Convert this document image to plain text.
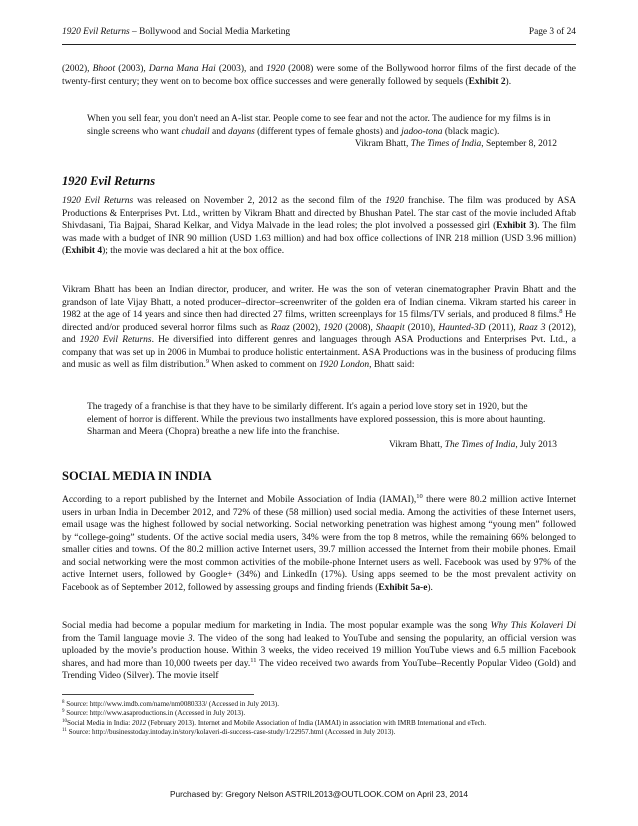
1920 Evil Returns – Bollywood and Social Media Marketing	Page 3 of 24

(2002), Bhoot (2003), Darna Mana Hai (2003), and 1920 (2008) were some of the Bollywood horror films of the first decade of the twenty-first century; they went on to become box office successes and were generally followed by sequels (Exhibit 2).

When you sell fear, you don't need an A-list star. People come to see fear and not the actor. The audience for my films is in single screens who want chudail and dayans (different types of female ghosts) and jadoo-tona (black magic).

Vikram Bhatt, The Times of India, September 8, 2012

1920 Evil Returns

1920 Evil Returns was released on November 2, 2012 as the second film of the 1920 franchise. The film was produced by ASA Productions & Enterprises Pvt. Ltd., written by Vikram Bhatt and directed by Bhushan Patel. The star cast of the movie included Aftab Shivdasani, Tia Bajpai, Sharad Kelkar, and Vidya Malvade in the lead roles; the plot involved a possessed girl (Exhibit 3). The film was made with a budget of INR 90 million (USD 1.63 million) and had box office collections of INR 218 million (USD 3.96 million) (Exhibit 4); the movie was declared a hit at the box office.

Vikram Bhatt has been an Indian director, producer, and writer. He was the son of veteran cinematographer Pravin Bhatt and the grandson of late Vijay Bhatt, a noted producer–director–screenwriter of the golden era of Indian cinema. Vikram started his career in 1982 at the age of 14 years and since then had directed 27 films, written screenplays for 15 films/TV serials, and produced 8 films.$^8$ He directed and/or produced several horror films such as Raaz (2002), 1920 (2008), Shaapit (2010), Haunted-3D (2011), Raaz 3 (2012), and 1920 Evil Returns. He diversified into different genres and languages through ASA Productions and Enterprises Pvt. Ltd., a company that was set up in 2006 in Mumbai to produce holistic entertainment. ASA Productions was in the business of producing films and music as well as film distribution.$^9$ When asked to comment on 1920 London, Bhatt said:

The tragedy of a franchise is that they have to be similarly different. It's again a period love story set in 1920, but the element of horror is different. While the previous two installments have explored possession, this is more about haunting. Sharman and Meera (Chopra) breathe a new life into the franchise.

Vikram Bhatt, The Times of India, July 2013

SOCIAL MEDIA IN INDIA

According to a report published by the Internet and Mobile Association of India (IAMAI),$^{10}$ there were 80.2 million active Internet users in urban India in December 2012, and 72% of these (58 million) used social media. Among the activities of these Internet users, email usage was the highest followed by social networking. Social networking penetration was highest among “young men” followed by “college-going” students. Of the active social media users, 34% were from the top 8 metros, while the remaining 66% belonged to smaller cities and towns. Of the 80.2 million active Internet users, 39.7 million accessed the Internet from their mobile phones. Email and social networking were the most common activities of the mobile-phone Internet users as well. Facebook was used by 97% of the active Internet users, followed by Google+ (34%) and LinkedIn (17%). Using apps seemed to be the most prevalent activity on Facebook as of September 2012, followed by assessing groups and finding friends (Exhibit 5a-e).

Social media had become a popular medium for marketing in India. The most popular example was the song Why This Kolaveri Di from the Tamil language movie 3. The video of the song had leaked to YouTube and sensing the popularity, an official version was uploaded by the movie’s production house. Within 3 weeks, the video received 19 million YouTube views and 6.5 million Facebook shares, and had more than 10,000 tweets per day.$^{11}$ The video received two awards from YouTube–Recently Popular Video (Gold) and Trending Video (Silver). The movie itself

$^8$ Source: http://www.imdb.com/name/nm0080333/ (Accessed in July 2013).

$^9$ Source: http://www.asaproductions.in (Accessed in July 2013).

$^{10}$Social Media in India: 2012 (February 2013). Internet and Mobile Association of India (IAMAI) in association with IMRB International and eTech.

$^{11}$ Source: http://businesstoday.intoday.in/story/kolaveri-di-success-case-study/1/22957.html (Accessed in July 2013).

Purchased by: Gregory Nelson ASTRIL2013@OUTLOOK.COM on April 23, 2014
